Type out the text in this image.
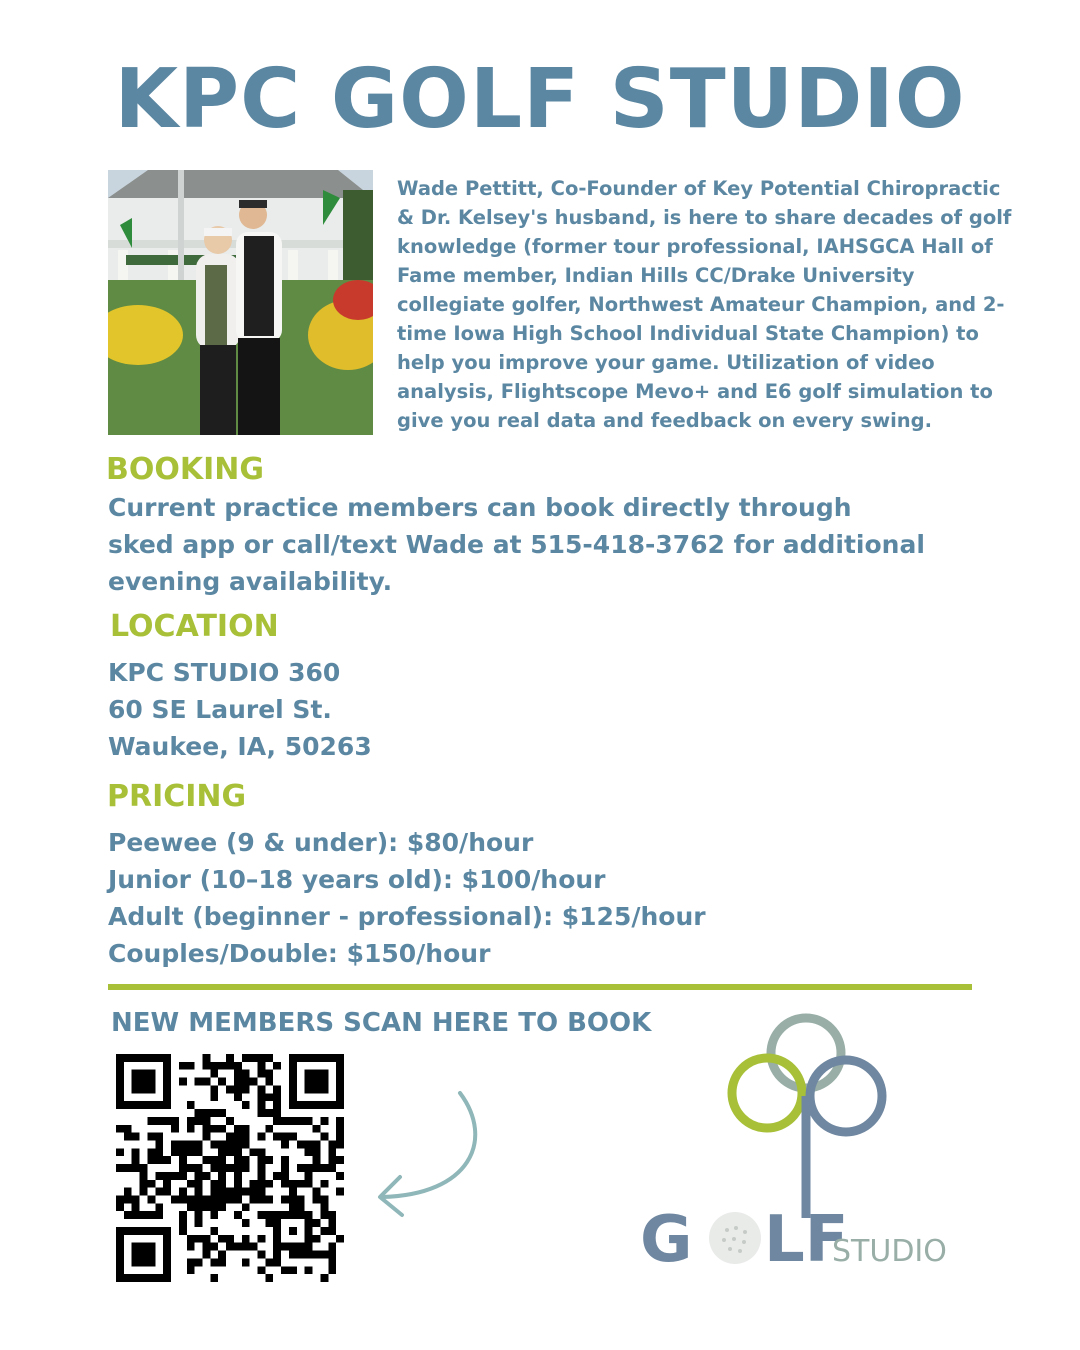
KPC GOLF STUDIO
Wade Pettitt, Co-Founder of Key Potential Chiropractic
& Dr. Kelsey's husband, is here to share decades of golf
knowledge (former tour professional, IAHSGCA Hall of
Fame member, Indian Hills CC/Drake University
collegiate golfer, Northwest Amateur Champion, and 2-
time Iowa High School Individual State Champion) to
help you improve your game. Utilization of video
analysis, Flightscope Mevo+ and E6 golf simulation to
give you real data and feedback on every swing.
BOOKING
Current practice members can book directly through
sked app or call/text Wade at 515-418-3762 for additional
evening availability.
LOCATION
KPC STUDIO 360
60 SE Laurel St.
Waukee, IA, 50263
PRICING
Peewee (9 & under): $80/hour
Junior (10–18 years old): $100/hour
Adult (beginner - professional): $125/hour
Couples/Double: $150/hour
NEW MEMBERS SCAN HERE TO BOOK
G LF
STUDIO
